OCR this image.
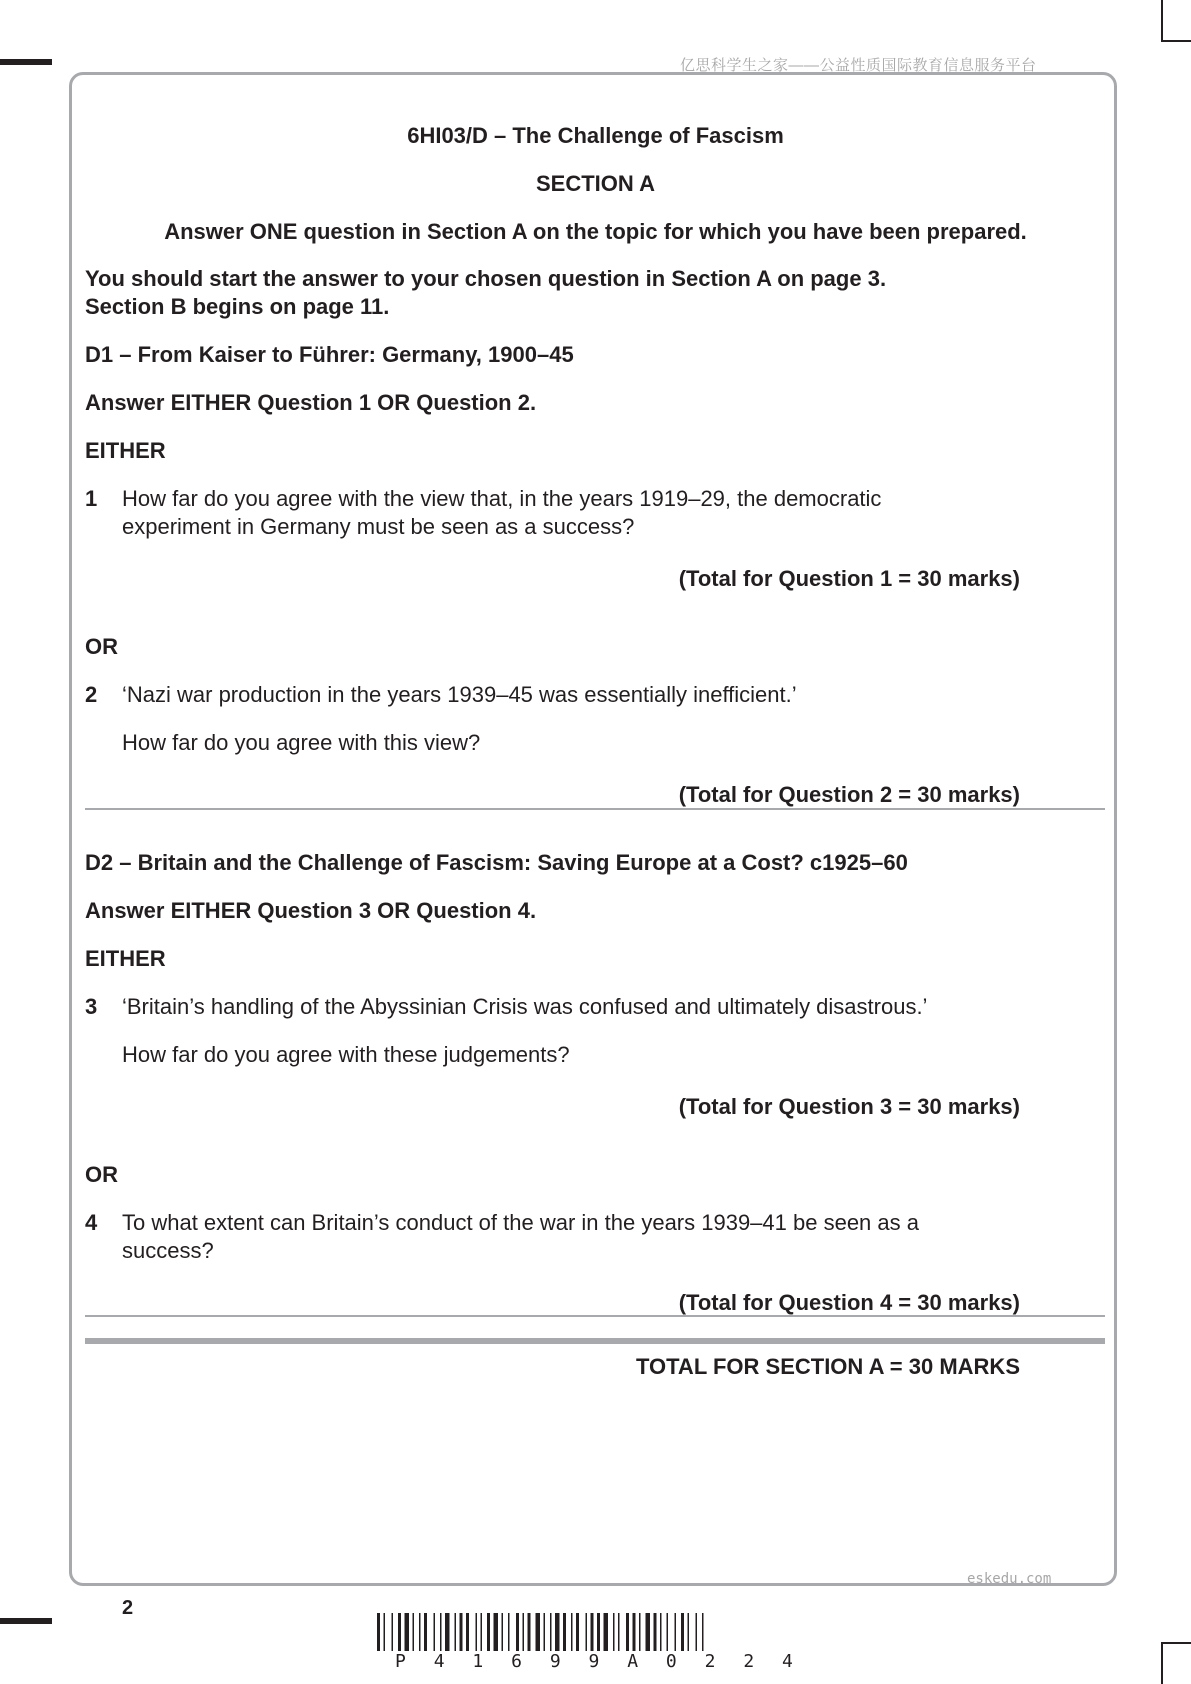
亿思科学生之家——公益性质国际教育信息服务平台
6HI03/D – The Challenge of Fascism
SECTION A
Answer ONE question in Section A on the topic for which you have been prepared.
You should start the answer to your chosen question in Section A on page 3.
Section B begins on page 11.
D1 – From Kaiser to Führer: Germany, 1900–45
Answer EITHER Question 1 OR Question 2.
EITHER
1 How far do you agree with the view that, in the years 1919–29, the democratic
experiment in Germany must be seen as a success?
(Total for Question 1 = 30 marks)
OR
2 ‘Nazi war production in the years 1939–45 was essentially inefficient.’
How far do you agree with this view?
(Total for Question 2 = 30 marks)
D2 – Britain and the Challenge of Fascism: Saving Europe at a Cost? c1925–60
Answer EITHER Question 3 OR Question 4.
EITHER
3 ‘Britain’s handling of the Abyssinian Crisis was confused and ultimately disastrous.’
How far do you agree with these judgements?
(Total for Question 3 = 30 marks)
OR
4 To what extent can Britain’s conduct of the war in the years 1939–41 be seen as a
success?
(Total for Question 4 = 30 marks)
TOTAL FOR SECTION A = 30 MARKS
eskedu.com
2
P 4 1 6 9 9 A 0 2 2 4
